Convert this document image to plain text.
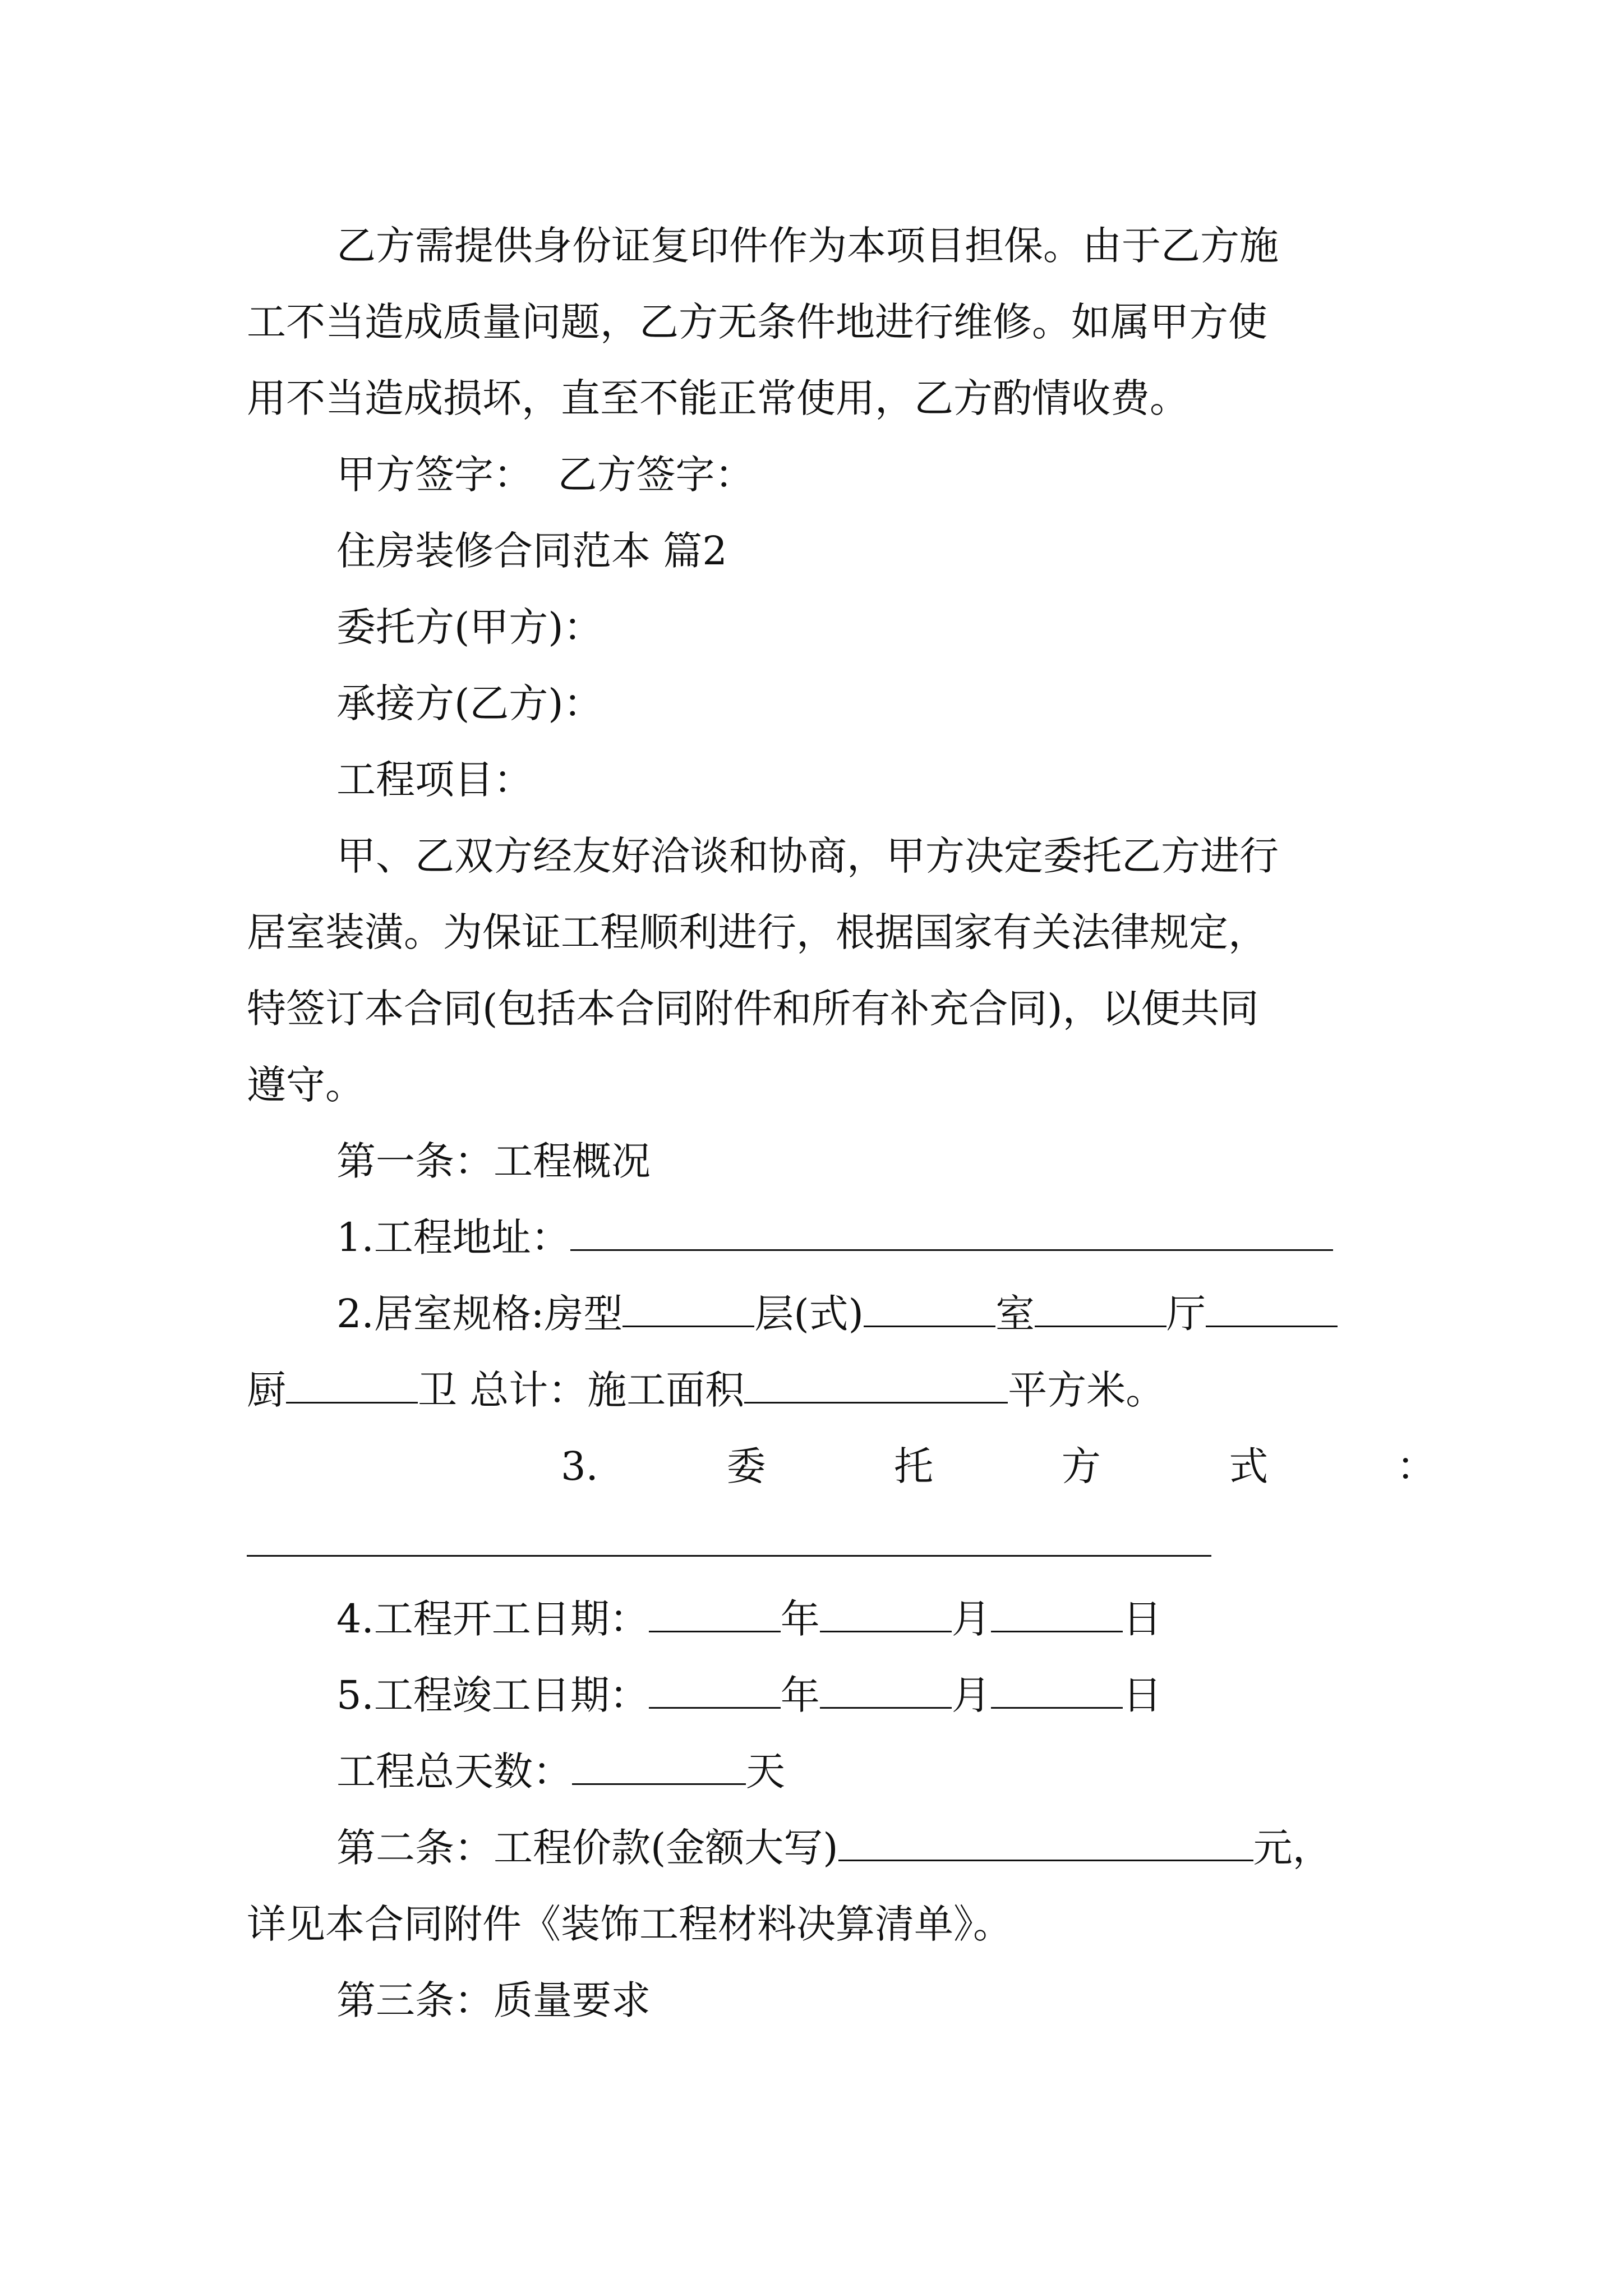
乙方需提供身份证复印件作为本项目担保。由于乙方施
工不当造成质量问题，乙方无条件地进行维修。如属甲方使
用不当造成损坏，直至不能正常使用，乙方酌情收费。
甲方签字：  乙方签字：
住房装修合同范本 篇2
委托方(甲方)：
承接方(乙方)：
工程项目：
甲、乙双方经友好洽谈和协商，甲方决定委托乙方进行
居室装潢。为保证工程顺利进行，根据国家有关法律规定，
特签订本合同(包括本合同附件和所有补充合同)，以便共同
遵守。
第一条：工程概况
1.工程地址：
2.居室规格:房型	层(式)	室	厅
厨	卫 总计：施工面积	平方米。
3.	委	托	方	式	：
4.工程开工日期：	年	月	日
5.工程竣工日期：	年	月	日
工程总天数：	天
第二条：工程价款(金额大写)	元，
详见本合同附件《装饰工程材料决算清单》。
第三条：质量要求
